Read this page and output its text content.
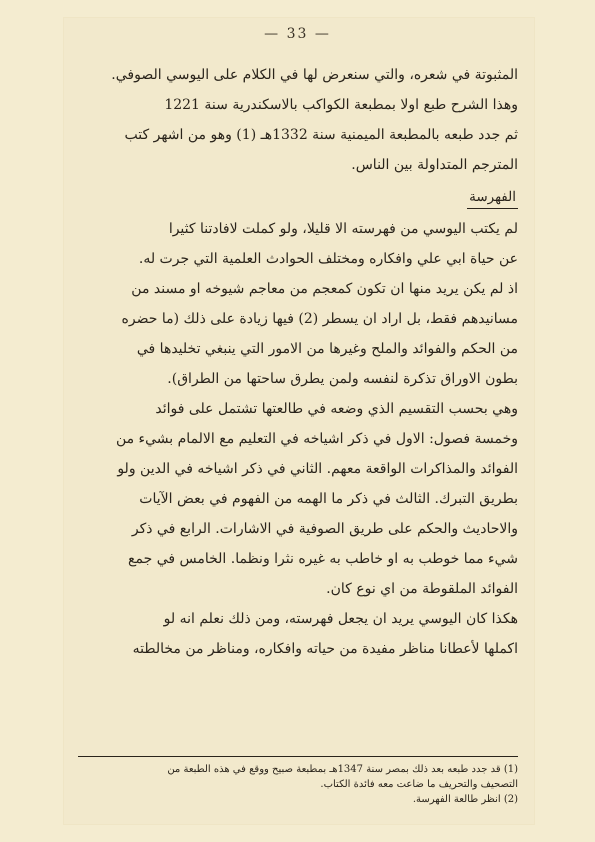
— 33 —
المثبوتة في شعره، والتي سنعرض لها في الكلام على اليوسي الصوفي.
وهذا الشرح طبع اولا بمطبعة الكواكب بالاسكندرية سنة 1221
ثم جدد طبعه بالمطبعة الميمنية سنة 1332هـ (1) وهو من اشهر كتب
المترجم المتداولة بين الناس.
الفهرسة
لم يكتب اليوسي من فهرسته الا قليلا، ولو كملت لافادتنا كثيرا
عن حياة ابي علي وافكاره ومختلف الحوادث العلمية التي جرت له.
اذ لم يكن يريد منها ان تكون كمعجم من معاجم شيوخه او مسند من
مسانيدهم فقط، بل اراد ان يسطر (2) فيها زيادة على ذلك (ما حضره
من الحكم والفوائد والملح وغيرها من الامور التي ينبغي تخليدها في
بطون الاوراق تذكرة لنفسه ولمن يطرق ساحتها من الطراق).
وهي بحسب التقسيم الذي وضعه في طالعتها تشتمل على فوائد
وخمسة فصول: الاول في ذكر اشياخه في التعليم مع الالمام بشيء من
الفوائد والمذاكرات الواقعة معهم. الثاني في ذكر اشياخه في الدين ولو
بطريق التبرك. الثالث في ذكر ما الهمه من الفهوم في بعض الآيات
والاحاديث والحكم على طريق الصوفية في الاشارات. الرابع في ذكر
شيء مما خوطب به او خاطب به غيره نثرا ونظما. الخامس في جمع
الفوائد الملقوطة من اي نوع كان.
هكذا كان اليوسي يريد ان يجعل فهرسته، ومن ذلك نعلم انه لو
اكملها لأعطانا مناظر مفيدة من حياته وافكاره، ومناظر من مخالطته
(1) قد جدد طبعه بعد ذلك بمصر سنة 1347هـ بمطبعة صبيح ووقع في هذه الطبعة من
التصحيف والتحريف ما ضاعت معه فائدة الكتاب.
(2) انظر طالعة الفهرسة.
